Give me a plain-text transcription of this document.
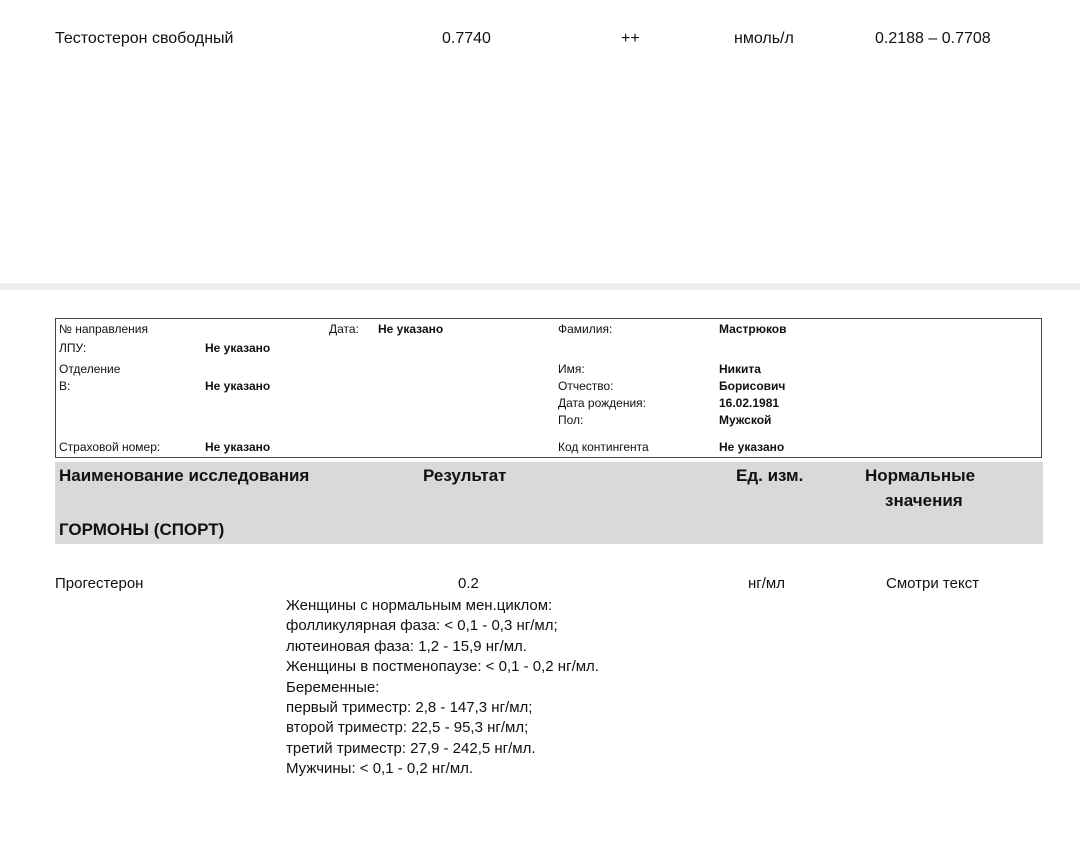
Тестостерон свободный	0.7740	++	нмоль/л	0.2188 – 0.7708
№ направления	Дата: Не указано
ЛПУ:	Не указано
Отделение
В:	Не указано
Страховой номер:	Не указано
Фамилия:	Мастрюков
Имя:	Никита
Отчество:	Борисович
Дата рождения:	16.02.1981
Пол:	Мужской
Код контингента	Не указано
Наименование исследования	Результат	Ед. изм.	Нормальные
значения
ГОРМОНЫ (СПОРТ)
Прогестерон	0.2	нг/мл	Смотри текст
Женщины с нормальным мен.циклом:
фолликулярная фаза: < 0,1 - 0,3 нг/мл;
лютеиновая фаза: 1,2 - 15,9 нг/мл.
Женщины в постменопаузе: < 0,1 - 0,2 нг/мл.
Беременные:
первый триместр: 2,8 - 147,3 нг/мл;
второй триместр: 22,5 - 95,3 нг/мл;
третий триместр: 27,9 - 242,5 нг/мл.
Мужчины: < 0,1 - 0,2 нг/мл.
